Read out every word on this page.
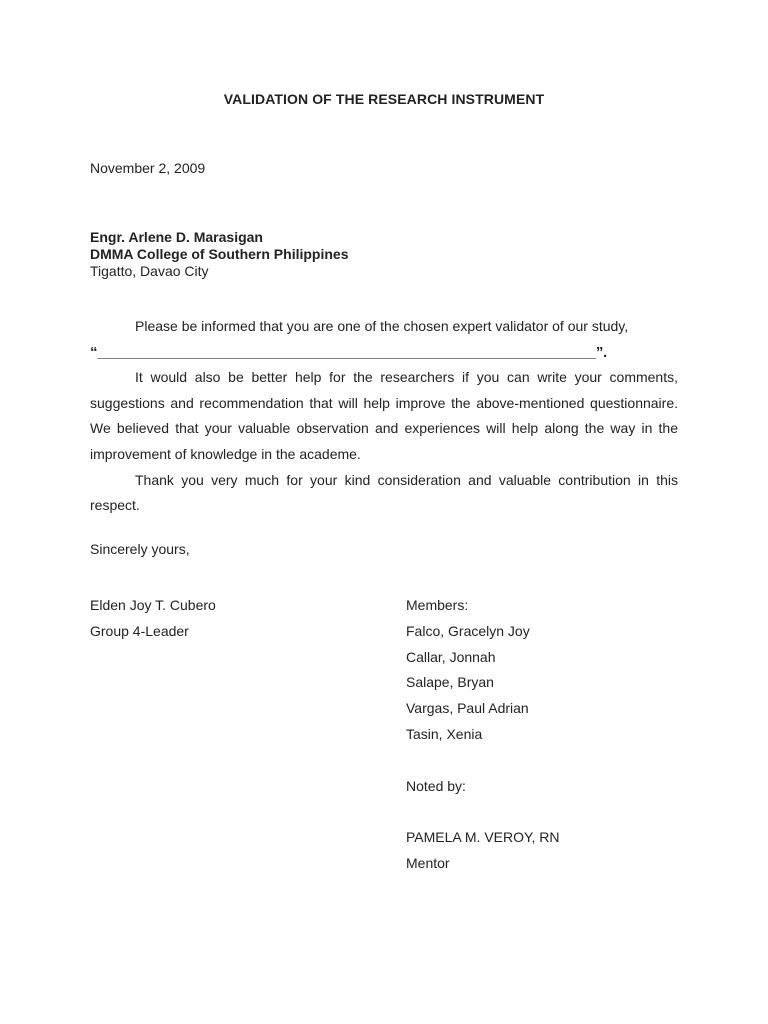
VALIDATION OF THE RESEARCH INSTRUMENT
November 2, 2009
Engr. Arlene D. Marasigan
DMMA College of Southern Philippines
Tigatto, Davao City

Please be informed that you are one of the chosen expert validator of our study,

“______________________________________________________________”.

It would also be better help for the researchers if you can write your comments, suggestions and recommendation that will help improve the above-mentioned questionnaire. We believed that your valuable observation and experiences will help along the way in the improvement of knowledge in the academe.

Thank you very much for your kind consideration and valuable contribution in this respect.

Sincerely yours,
Elden Joy T. Cubero
Group 4-Leader
Members:
Falco, Gracelyn Joy
Callar, Jonnah
Salape, Bryan
Vargas, Paul Adrian
Tasin, Xenia
Noted by:
PAMELA M. VEROY, RN
Mentor
